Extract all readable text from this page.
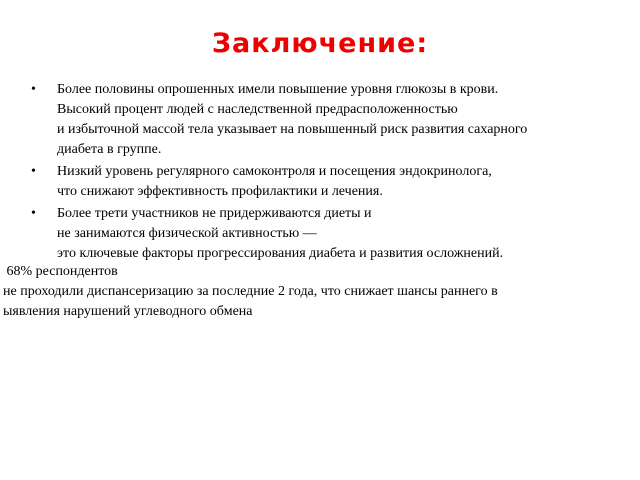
Заключение:
• Более половины опрошенных имели повышение уровня глюкозы в крови.
Высокий процент людей с наследственной предрасположенностью
и избыточной массой тела указывает на повышенный риск развития сахарного
диабета в группе.
• Низкий уровень регулярного самоконтроля и посещения эндокринолога,
что снижают эффективность профилактики и лечения.
• Более трети участников не придерживаются диеты и
не занимаются физической активностью —
это ключевые факторы прогрессирования диабета и развития осложнений.
68% респондентов
не проходили диспансеризацию за последние 2 года, что снижает шансы раннего в
ыявления нарушений углеводного обмена
